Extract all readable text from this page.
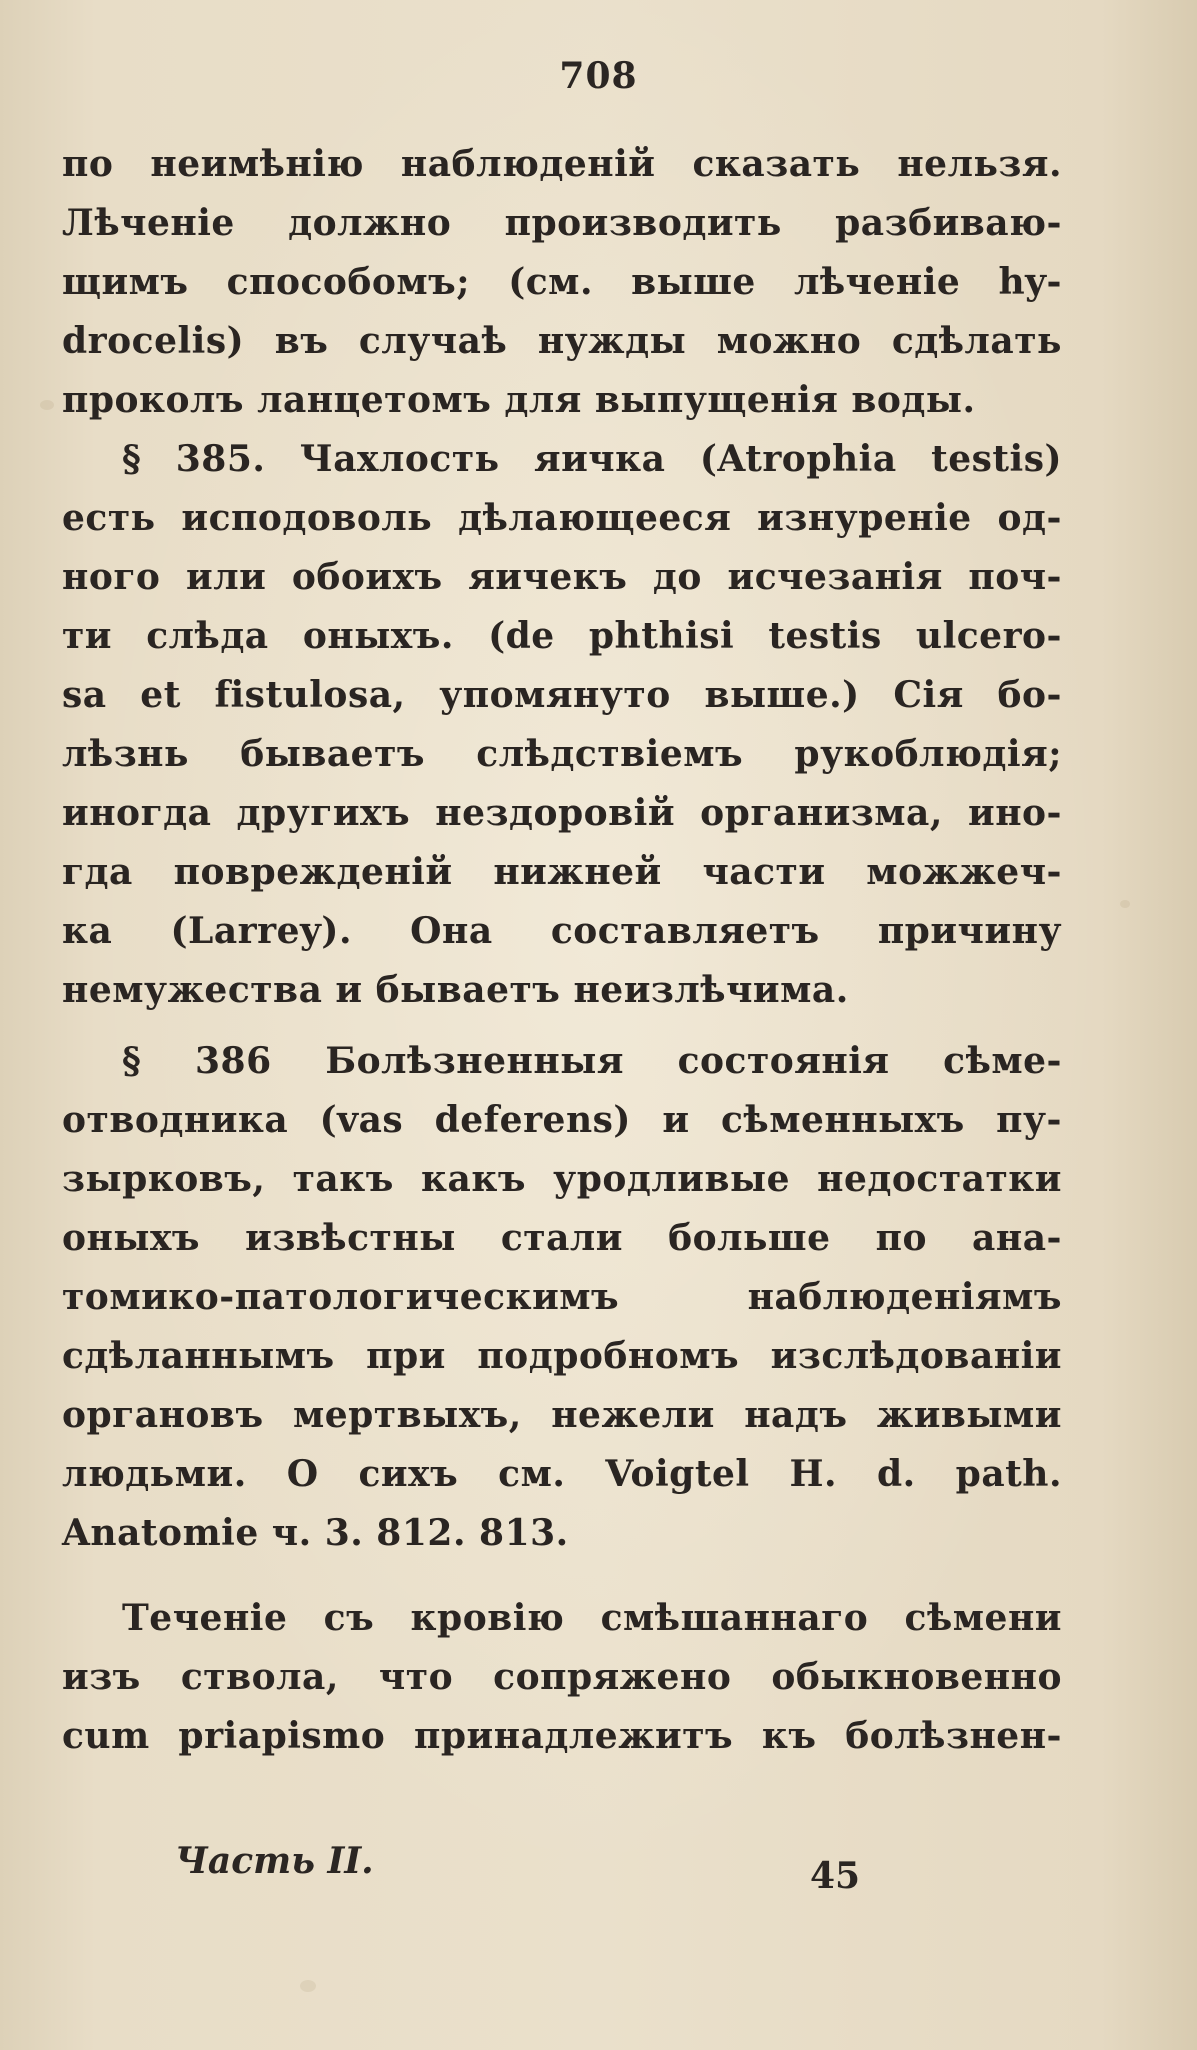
708
по неимѣнію наблюденій сказать нельзя.
Лѣченіе должно производить разбиваю-
щимъ способомъ; (см. выше лѣченіе hy-
drocelis) въ случаѣ нужды можно сдѣлать
проколъ ланцетомъ для выпущенія воды.
§ 385. Чахлость яичка (Atrophia testis)
есть исподоволь дѣлающееся изнуреніе од-
ного или обоихъ яичекъ до исчезанія поч-
ти слѣда оныхъ. (de phthisi testis ulcero-
sa et fistulosa, упомянуто выше.) Сія бо-
лѣзнь бываетъ слѣдствіемъ рукоблюдія;
иногда другихъ нездоровій организма, ино-
гда поврежденій нижней части можжеч-
ка (Larrey). Она составляетъ причину
немужества и бываетъ неизлѣчима.
§ 386 Болѣзненныя состоянія сѣме-
отводника (vas deferens) и сѣменныхъ пу-
зырковъ, такъ какъ уродливые недостатки
оныхъ извѣстны стали больше по ана-
томико-патологическимъ наблюденіямъ
сдѣланнымъ при подробномъ изслѣдованіи
органовъ мертвыхъ, нежели надъ живыми
людьми. О сихъ см. Voigtel H. d. path.
Anatomie ч. 3. 812. 813.
Теченіе съ кровію смѣшаннаго сѣмени
изъ ствола, что сопряжено обыкновенно
cum priapismo принадлежитъ къ болѣзнен-
Часть II.	45
